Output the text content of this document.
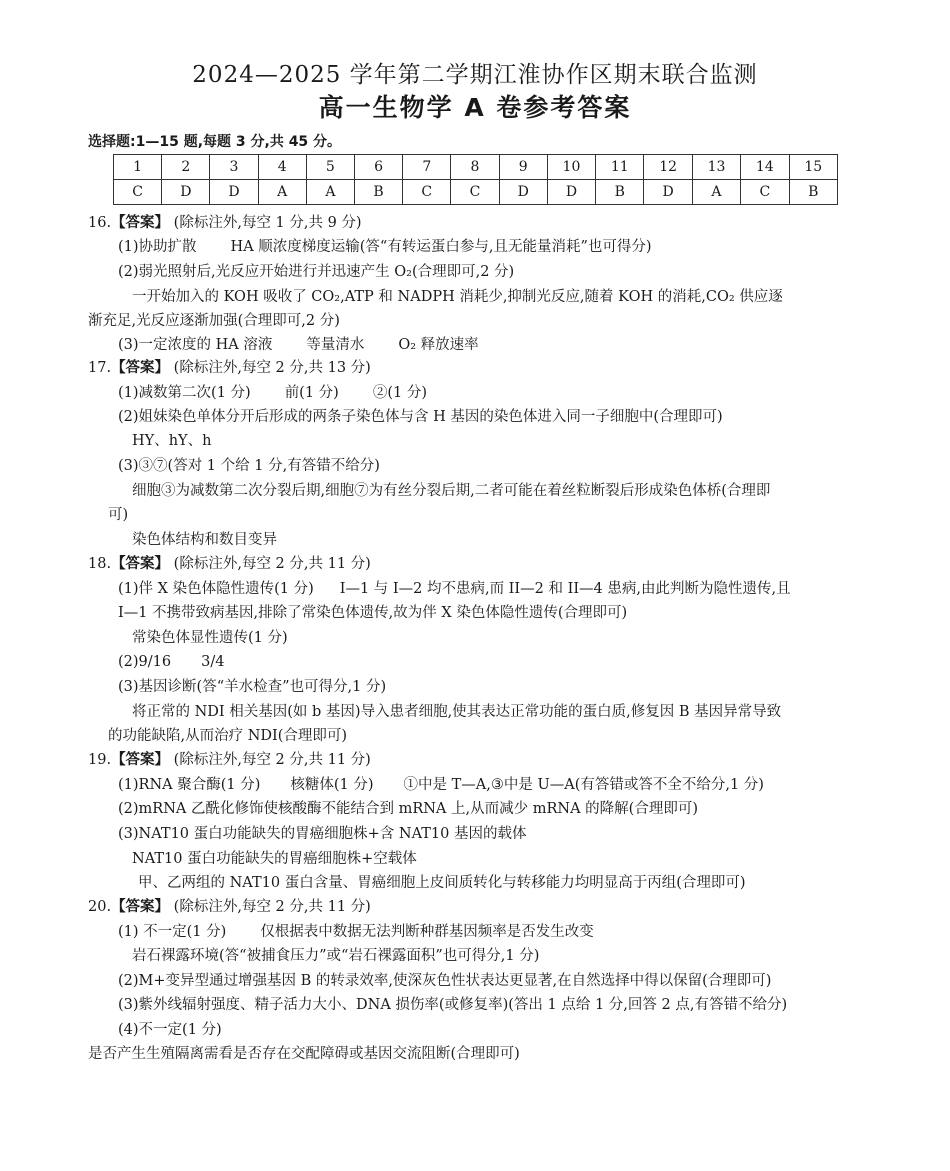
2024—2025 学年第二学期江淮协作区期末联合监测
高一生物学 A 卷参考答案
选择题:1—15 题,每题 3 分,共 45 分。
1	2	3	4	5	6	7	8	9	10	11	12	13	14	15
C	D	D	A	A	B	C	C	D	D	B	D	A	C	B
16.【答案】 (除标注外,每空 1 分,共 9 分)
(1)协助扩散 HA 顺浓度梯度运输(答“有转运蛋白参与,且无能量消耗”也可得分)
(2)弱光照射后,光反应开始进行并迅速产生 O₂(合理即可,2 分)
一开始加入的 KOH 吸收了 CO₂,ATP 和 NADPH 消耗少,抑制光反应,随着 KOH 的消耗,CO₂ 供应逐
渐充足,光反应逐渐加强(合理即可,2 分)
(3)一定浓度的 HA 溶液 等量清水 O₂ 释放速率
17.【答案】 (除标注外,每空 2 分,共 13 分)
(1)减数第二次(1 分) 前(1 分) ②(1 分)
(2)姐妹染色单体分开后形成的两条子染色体与含 H 基因的染色体进入同一子细胞中(合理即可)
HY、hY、h
(3)③⑦(答对 1 个给 1 分,有答错不给分)
细胞③为减数第二次分裂后期,细胞⑦为有丝分裂后期,二者可能在着丝粒断裂后形成染色体桥(合理即
可)
染色体结构和数目变异
18.【答案】 (除标注外,每空 2 分,共 11 分)
(1)伴 X 染色体隐性遗传(1 分) I—1 与 I—2 均不患病,而 II—2 和 II—4 患病,由此判断为隐性遗传,且
I—1 不携带致病基因,排除了常染色体遗传,故为伴 X 染色体隐性遗传(合理即可)
常染色体显性遗传(1 分)
(2)9/16 3/4
(3)基因诊断(答“羊水检查”也可得分,1 分)
将正常的 NDI 相关基因(如 b 基因)导入患者细胞,使其表达正常功能的蛋白质,修复因 B 基因异常导致
的功能缺陷,从而治疗 NDI(合理即可)
19.【答案】 (除标注外,每空 2 分,共 11 分)
(1)RNA 聚合酶(1 分) 核糖体(1 分) ①中是 T—A,③中是 U—A(有答错或答不全不给分,1 分)
(2)mRNA 乙酰化修饰使核酸酶不能结合到 mRNA 上,从而减少 mRNA 的降解(合理即可)
(3)NAT10 蛋白功能缺失的胃癌细胞株+含 NAT10 基因的载体
NAT10 蛋白功能缺失的胃癌细胞株+空载体
甲、乙两组的 NAT10 蛋白含量、胃癌细胞上皮间质转化与转移能力均明显高于丙组(合理即可)
20.【答案】 (除标注外,每空 2 分,共 11 分)
(1) 不一定(1 分) 仅根据表中数据无法判断种群基因频率是否发生改变
岩石裸露环境(答“被捕食压力”或“岩石裸露面积”也可得分,1 分)
(2)M+变异型通过增强基因 B 的转录效率,使深灰色性状表达更显著,在自然选择中得以保留(合理即可)
(3)紫外线辐射强度、精子活力大小、DNA 损伤率(或修复率)(答出 1 点给 1 分,回答 2 点,有答错不给分)
(4)不一定(1 分)
是否产生生殖隔离需看是否存在交配障碍或基因交流阻断(合理即可)
